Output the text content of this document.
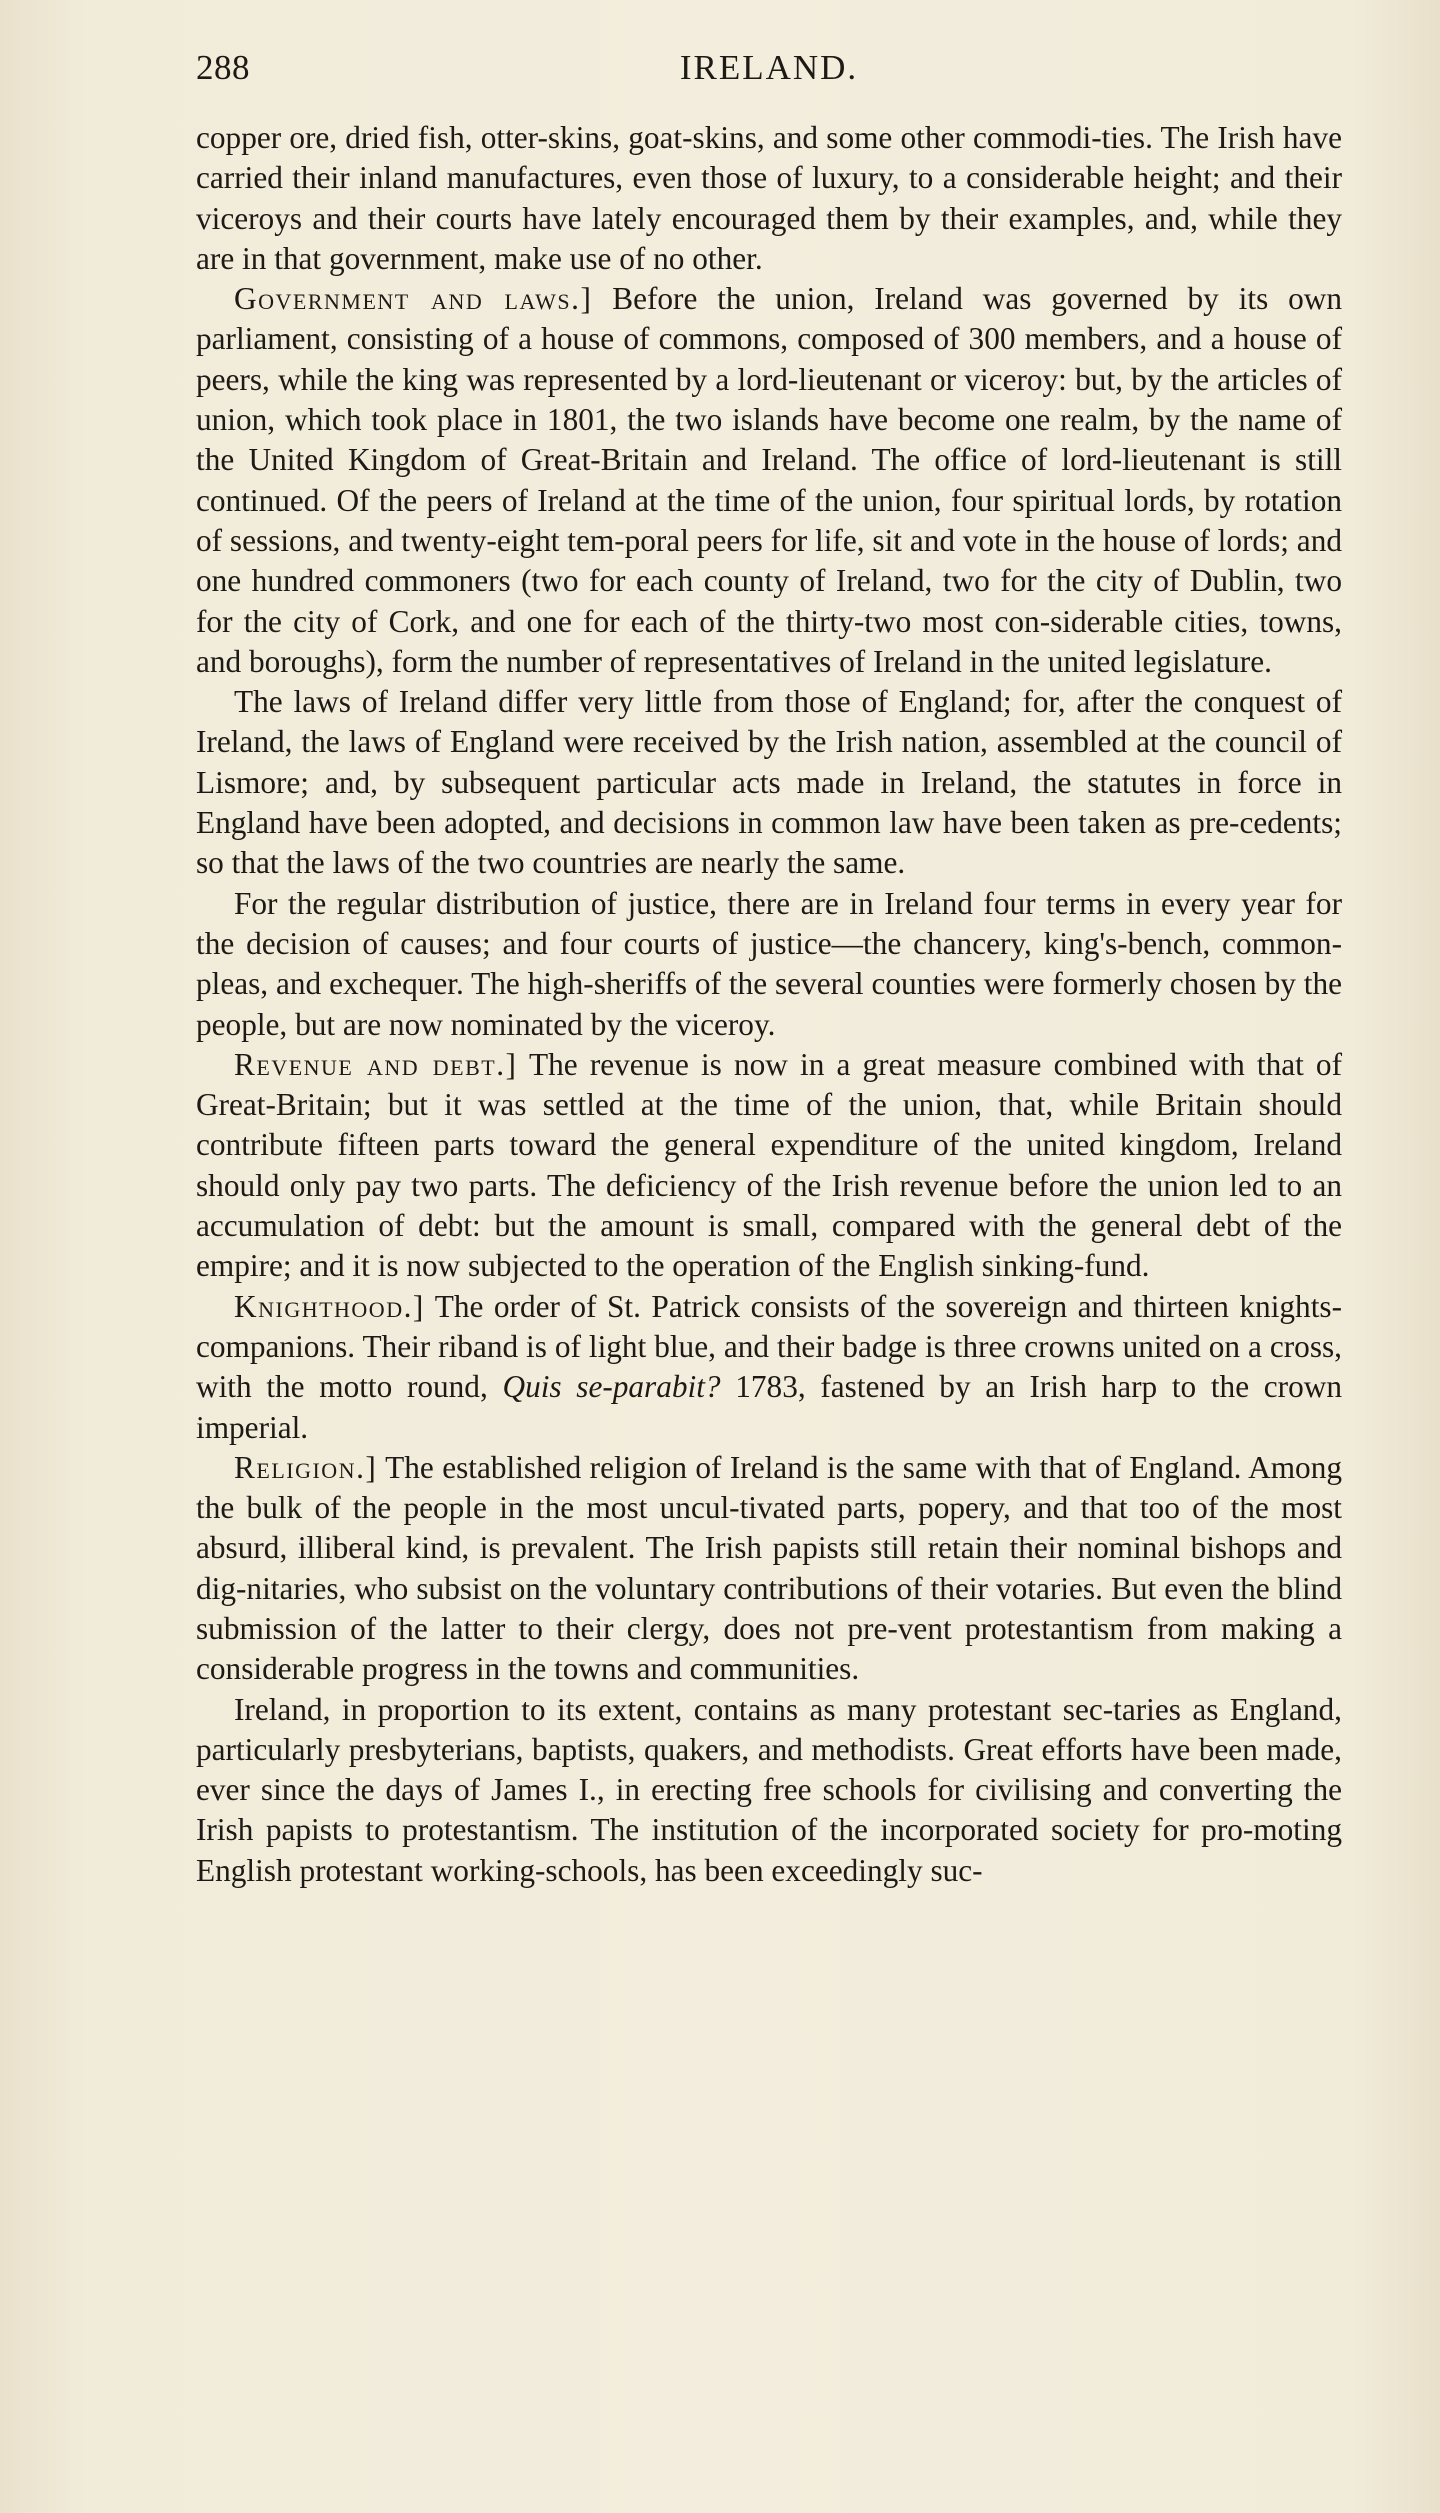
288	IRELAND.

copper ore, dried fish, otter-skins, goat-skins, and some other commodi-ties. The Irish have carried their inland manufactures, even those of luxury, to a considerable height; and their viceroys and their courts have lately encouraged them by their examples, and, while they are in that government, make use of no other.

Government and laws.] Before the union, Ireland was governed by its own parliament, consisting of a house of commons, composed of 300 members, and a house of peers, while the king was represented by a lord-lieutenant or viceroy: but, by the articles of union, which took place in 1801, the two islands have become one realm, by the name of the United Kingdom of Great-Britain and Ireland. The office of lord-lieutenant is still continued. Of the peers of Ireland at the time of the union, four spiritual lords, by rotation of sessions, and twenty-eight tem-poral peers for life, sit and vote in the house of lords; and one hundred commoners (two for each county of Ireland, two for the city of Dublin, two for the city of Cork, and one for each of the thirty-two most con-siderable cities, towns, and boroughs), form the number of representatives of Ireland in the united legislature.

The laws of Ireland differ very little from those of England; for, after the conquest of Ireland, the laws of England were received by the Irish nation, assembled at the council of Lismore; and, by subsequent particular acts made in Ireland, the statutes in force in England have been adopted, and decisions in common law have been taken as pre-cedents; so that the laws of the two countries are nearly the same.

For the regular distribution of justice, there are in Ireland four terms in every year for the decision of causes; and four courts of justice—the chancery, king's-bench, common-pleas, and exchequer. The high-sheriffs of the several counties were formerly chosen by the people, but are now nominated by the viceroy.

Revenue and debt.] The revenue is now in a great measure combined with that of Great-Britain; but it was settled at the time of the union, that, while Britain should contribute fifteen parts toward the general expenditure of the united kingdom, Ireland should only pay two parts. The deficiency of the Irish revenue before the union led to an accumulation of debt: but the amount is small, compared with the general debt of the empire; and it is now subjected to the operation of the English sinking-fund.

Knighthood.] The order of St. Patrick consists of the sovereign and thirteen knights-companions. Their riband is of light blue, and their badge is three crowns united on a cross, with the motto round, Quis se-parabit? 1783, fastened by an Irish harp to the crown imperial.

Religion.] The established religion of Ireland is the same with that of England. Among the bulk of the people in the most uncul-tivated parts, popery, and that too of the most absurd, illiberal kind, is prevalent. The Irish papists still retain their nominal bishops and dig-nitaries, who subsist on the voluntary contributions of their votaries. But even the blind submission of the latter to their clergy, does not pre-vent protestantism from making a considerable progress in the towns and communities.

Ireland, in proportion to its extent, contains as many protestant sec-taries as England, particularly presbyterians, baptists, quakers, and methodists. Great efforts have been made, ever since the days of James I., in erecting free schools for civilising and converting the Irish papists to protestantism. The institution of the incorporated society for pro-moting English protestant working-schools, has been exceedingly suc-
